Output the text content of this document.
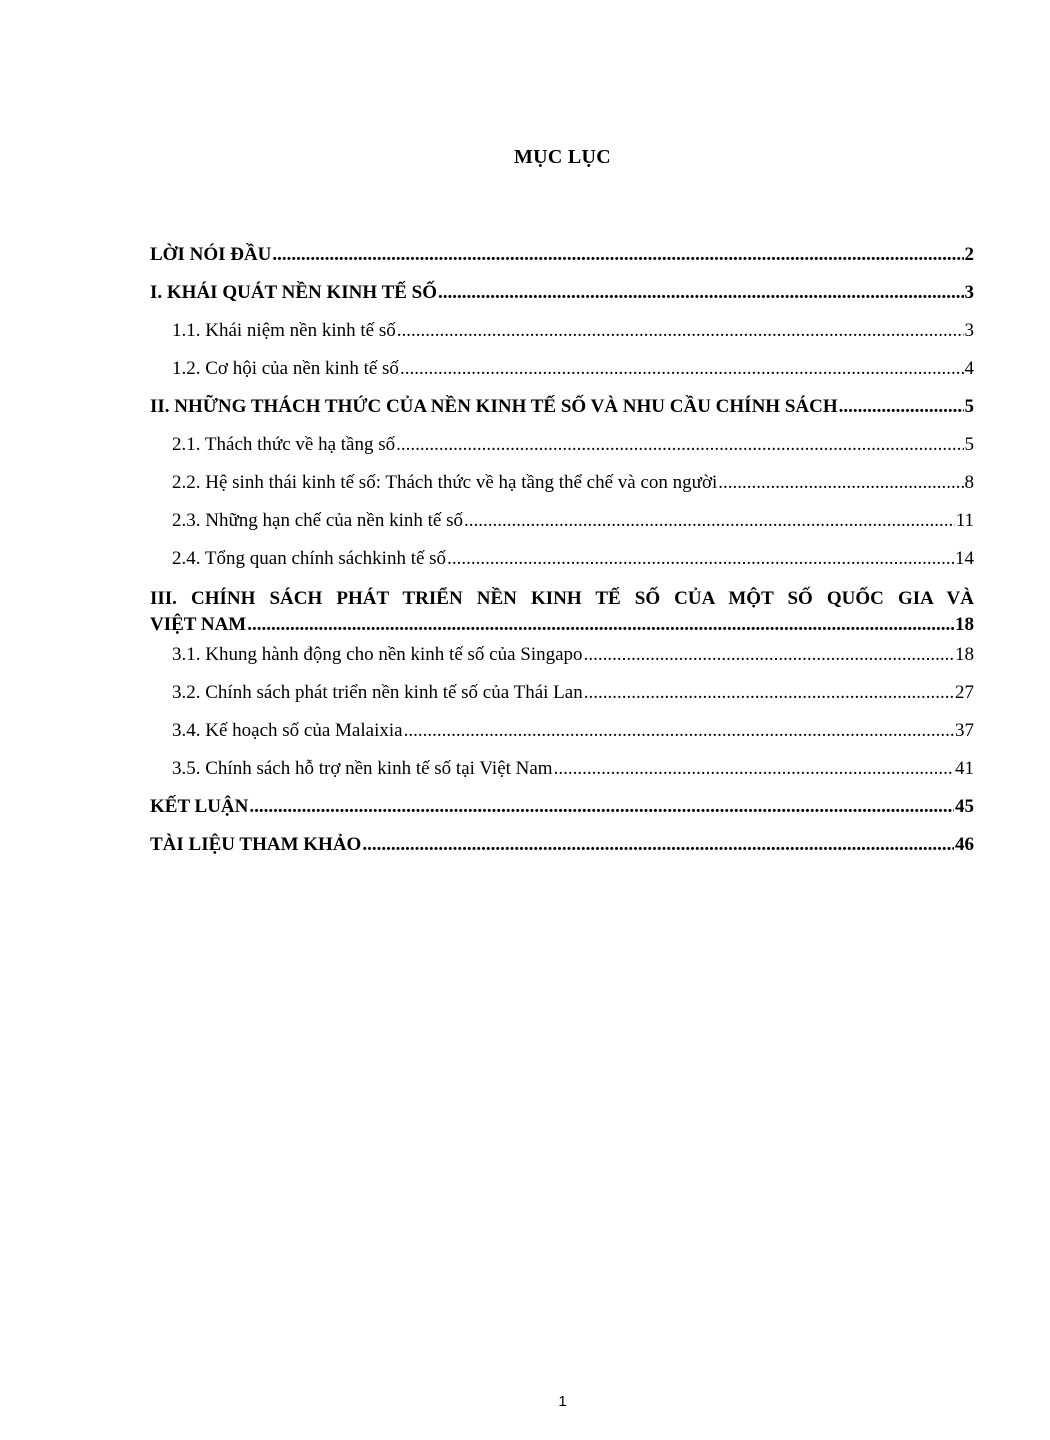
MỤC LỤC
LỜI NÓI ĐẦU .....	2
I. KHÁI QUÁT NỀN KINH TẾ SỐ .....	3
1.1. Khái niệm nền kinh tế số .....	3
1.2. Cơ hội của nền kinh tế số .....	4
II. NHỮNG THÁCH THỨC CỦA NỀN KINH TẾ SỐ VÀ NHU CẦU CHÍNH SÁCH .....	5
2.1. Thách thức về hạ tầng số .....	5
2.2. Hệ sinh thái kinh tế số: Thách thức về hạ tầng thể chế và con người .....	8
2.3. Những hạn chế của nền kinh tế số .....	11
2.4. Tổng quan chính sáchkinh tế số .....	14
III. CHÍNH SÁCH PHÁT TRIỂN NỀN KINH TẾ SỐ CỦA MỘT SỐ QUỐC GIA VÀ
VIỆT NAM .....	18
3.1. Khung hành động cho nền kinh tế số của Singapo .....	18
3.2. Chính sách phát triển nền kinh tế số của Thái Lan .....	27
3.4. Kế hoạch số của Malaixia .....	37
3.5. Chính sách hỗ trợ nền kinh tế số tại Việt Nam .....	41
KẾT LUẬN .....	45
TÀI LIỆU THAM KHẢO .....	46
1
